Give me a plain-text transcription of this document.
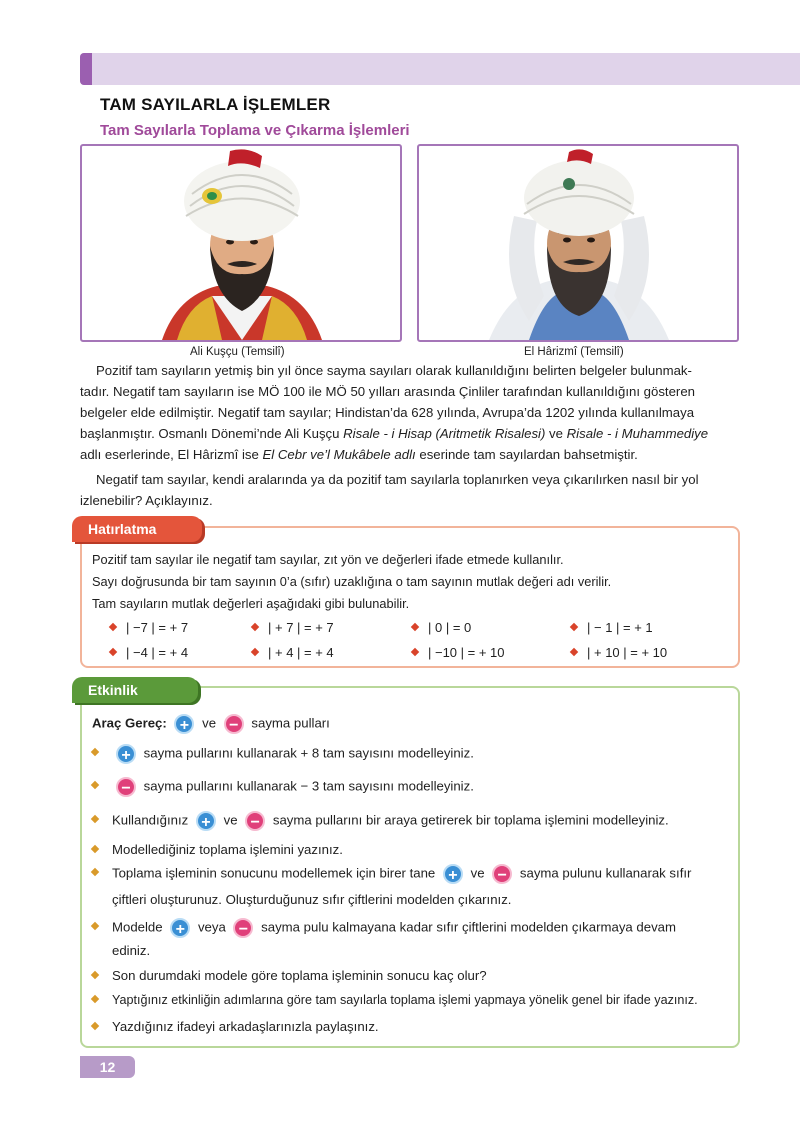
TAM SAYILARLA İŞLEMLER
Tam Sayılarla Toplama ve Çıkarma İşlemleri
Ali Kuşçu (Temsilî)	El Hârizmî (Temsilî)
Pozitif tam sayıların yetmiş bin yıl önce sayma sayıları olarak kullanıldığını belirten belgeler bulunmak-
tadır. Negatif tam sayıların ise MÖ 100 ile MÖ 50 yılları arasında Çinliler tarafından kullanıldığını gösteren
belgeler elde edilmiştir. Negatif tam sayılar; Hindistan’da 628 yılında, Avrupa’da 1202 yılında kullanılmaya
başlanmıştır. Osmanlı Dönemi’nde Ali Kuşçu Risale - i Hisap (Aritmetik Risalesi) ve Risale - i Muhammediye
adlı eserlerinde, El Hârizmî ise El Cebr ve’l Mukâbele adlı eserinde tam sayılardan bahsetmiştir.
Negatif tam sayılar, kendi aralarında ya da pozitif tam sayılarla toplanırken veya çıkarılırken nasıl bir yol
izlenebilir? Açıklayınız.
Hatırlatma
Pozitif tam sayılar ile negatif tam sayılar, zıt yön ve değerleri ifade etmede kullanılır.
Sayı doğrusunda bir tam sayının 0’a (sıfır) uzaklığına o tam sayının mutlak değeri adı verilir.
Tam sayıların mutlak değerleri aşağıdaki gibi bulunabilir.
| −7 | = + 7	| + 7 | = + 7	| 0 | = 0	| − 1 | = + 1
| −4 | = + 4	| + 4 | = + 4	| −10 | = + 10	| + 10 | = + 10
Etkinlik
Araç Gereç: + ve − sayma pulları
+ sayma pullarını kullanarak + 8 tam sayısını modelleyiniz.
− sayma pullarını kullanarak − 3 tam sayısını modelleyiniz.
Kullandığınız + ve − sayma pullarını bir araya getirerek bir toplama işlemini modelleyiniz.
Modellediğiniz toplama işlemini yazınız.
Toplama işleminin sonucunu modellemek için birer tane + ve − sayma pulunu kullanarak sıfır
çiftleri oluşturunuz. Oluşturduğunuz sıfır çiftlerini modelden çıkarınız.
Modelde + veya − sayma pulu kalmayana kadar sıfır çiftlerini modelden çıkarmaya devam
ediniz.
Son durumdaki modele göre toplama işleminin sonucu kaç olur?
Yaptığınız etkinliğin adımlarına göre tam sayılarla toplama işlemi yapmaya yönelik genel bir ifade yazınız.
Yazdığınız ifadeyi arkadaşlarınızla paylaşınız.
12
